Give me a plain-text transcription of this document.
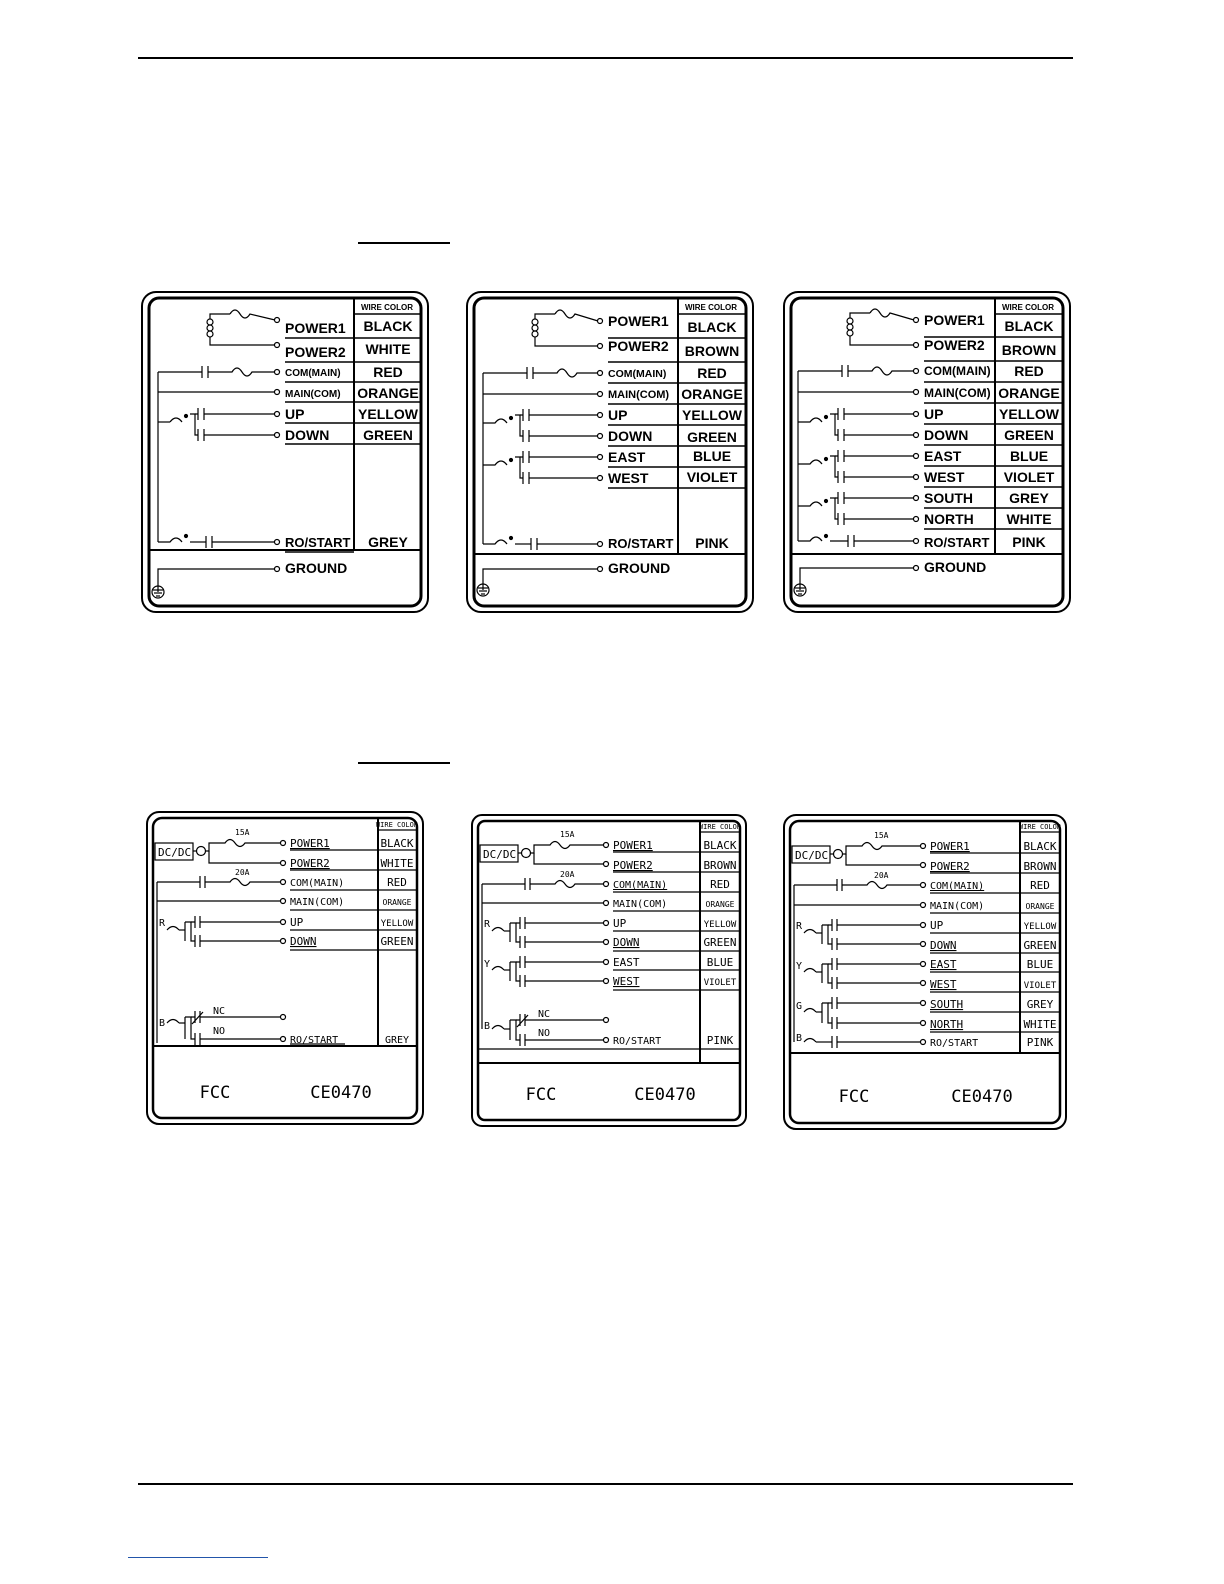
WIRE COLOR
POWER1 BLACK
POWER2 WHITE
COM(MAIN) RED
MAIN(COM) ORANGE
UP	YELLOW
DOWN GREEN
RO/START GREY
GROUND
WIRE COLOR
POWER1 BLACK
POWER2 BROWN
COM(MAIN) RED
MAIN(COM) ORANGE
UP	YELLOW
DOWN GREEN
EAST	BLUE
WEST	VIOLET
RO/START PINK
GROUND
WIRE COLOR
POWER1 BLACK
POWER2 BROWN
COM(MAIN) RED
MAIN(COM) ORANGE
UP	YELLOW
DOWN	GREEN
EAST	BLUE
WEST	VIOLET
SOUTH	GREY
NORTH WHITE
RO/START PINK
GROUND
WIRE COLOR
DC/DC
15A
20A
POWER1	BLACK
POWER2	WHITE
COM(MAIN)	RED
MAIN(COM)	ORANGE
UP	YELLOW
DOWN	GREEN
RO/START	GREY
R
B
NC
NO
FCC	CE0470
WIRE COLOR
DC/DC
15A
20A
POWER1	BLACK
POWER2	BROWN
COM(MAIN)	RED
MAIN(COM)	ORANGE
UP	YELLOW
DOWN	GREEN
EAST	BLUE
WEST	VIOLET
RO/START	PINK
R
Y
B
NC
NO
FCC	CE0470
WIRE COLOR
DC/DC
15A
20A
POWER1	BLACK
POWER2	BROWN
COM(MAIN)	RED
MAIN(COM)	ORANGE
UP	YELLOW
DOWN	GREEN
EAST	BLUE
WEST	VIOLET
SOUTH	GREY
NORTH	WHITE
RO/START	PINK
R
Y
G
B
FCC	CE0470
